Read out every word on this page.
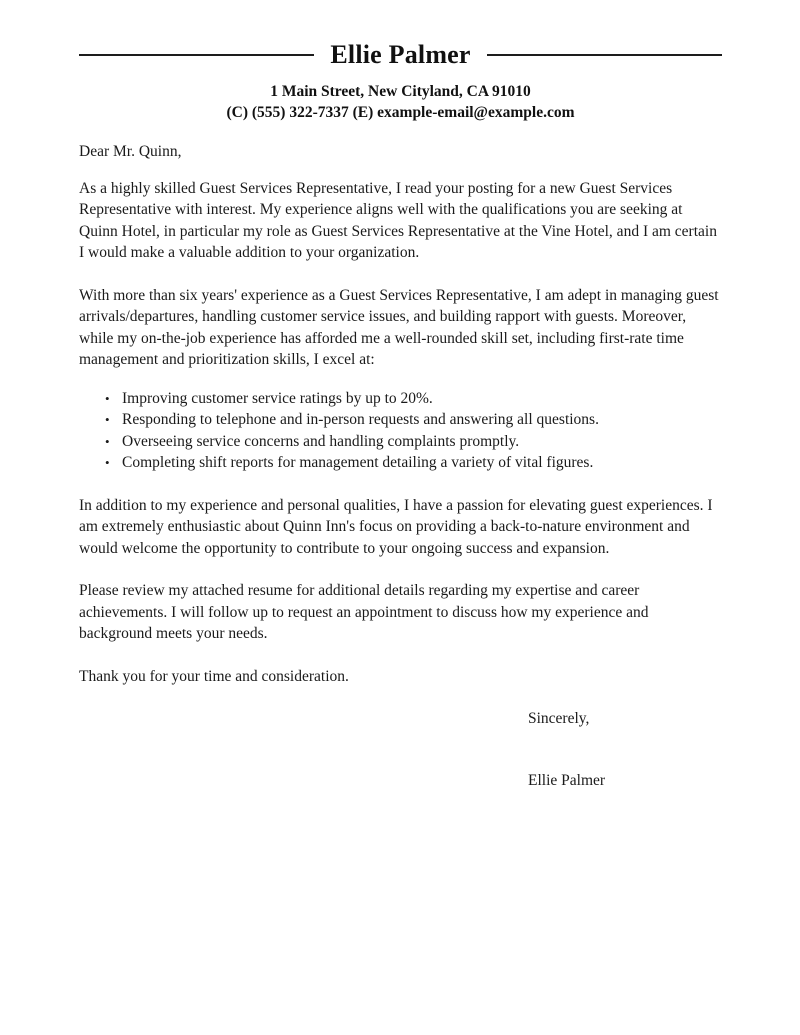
Ellie Palmer
1 Main Street, New Cityland, CA 91010
(C) (555) 322-7337 (E) example-email@example.com
Dear Mr. Quinn,

As a highly skilled Guest Services Representative, I read your posting for a new Guest Services Representative with interest. My experience aligns well with the qualifications you are seeking at Quinn Hotel, in particular my role as Guest Services Representative at the Vine Hotel, and I am certain I would make a valuable addition to your organization.

With more than six years' experience as a Guest Services Representative, I am adept in managing guest arrivals/departures, handling customer service issues, and building rapport with guests. Moreover, while my on-the-job experience has afforded me a well-rounded skill set, including first-rate time management and prioritization skills, I excel at:

• Improving customer service ratings by up to 20%.
• Responding to telephone and in-person requests and answering all questions.
• Overseeing service concerns and handling complaints promptly.
• Completing shift reports for management detailing a variety of vital figures.

In addition to my experience and personal qualities, I have a passion for elevating guest experiences. I am extremely enthusiastic about Quinn Inn's focus on providing a back-to-nature environment and would welcome the opportunity to contribute to your ongoing success and expansion.

Please review my attached resume for additional details regarding my expertise and career achievements. I will follow up to request an appointment to discuss how my experience and background meets your needs.

Thank you for your time and consideration.

Sincerely,
Ellie Palmer
